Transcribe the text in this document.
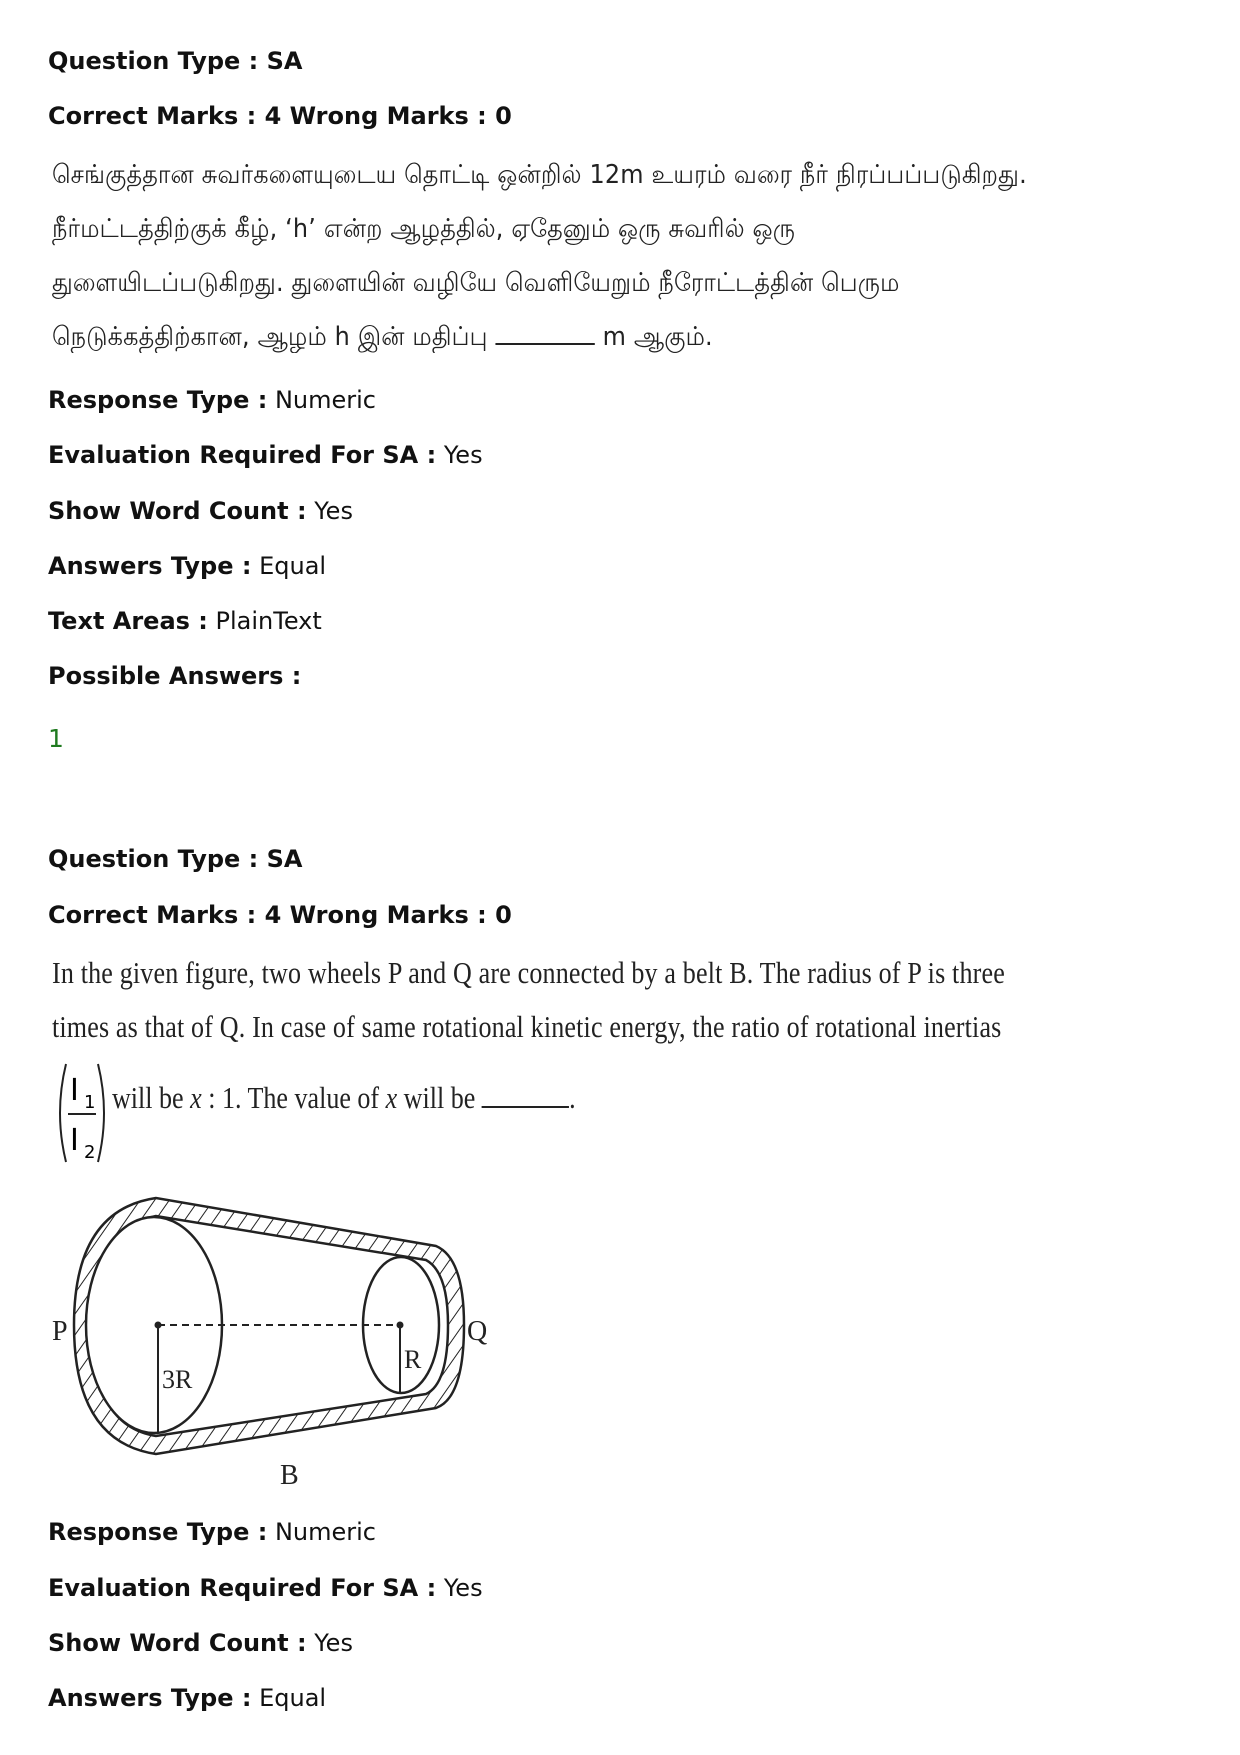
Question Type : SA
Correct Marks : 4 Wrong Marks : 0
செங்குத்தான சுவர்களையுடைய தொட்டி ஒன்றில் 12m உயரம் வரை நீர் நிரப்பப்படுகிறது.
நீர்மட்டத்திற்குக் கீழ், ‘h’ என்ற ஆழத்தில், ஏதேனும் ஒரு சுவரில் ஒரு
துளையிடப்படுகிறது. துளையின் வழியே வெளியேறும் நீரோட்டத்தின் பெரும
நெடுக்கத்திற்கான, ஆழம் h இன் மதிப்பு	m ஆகும்.
Response Type : Numeric
Evaluation Required For SA : Yes
Show Word Count : Yes
Answers Type : Equal
Text Areas : PlainText
Possible Answers :
1
Question Type : SA
Correct Marks : 4 Wrong Marks : 0
In the given figure, two wheels P and Q are connected by a belt B. The radius of P is three
times as that of Q. In case of same rotational kinetic energy, the ratio of rotational inertias
I 1
I 2
will be x : 1. The value of x will be	.
P	Q
3R
R
B
Response Type : Numeric
Evaluation Required For SA : Yes
Show Word Count : Yes
Answers Type : Equal
